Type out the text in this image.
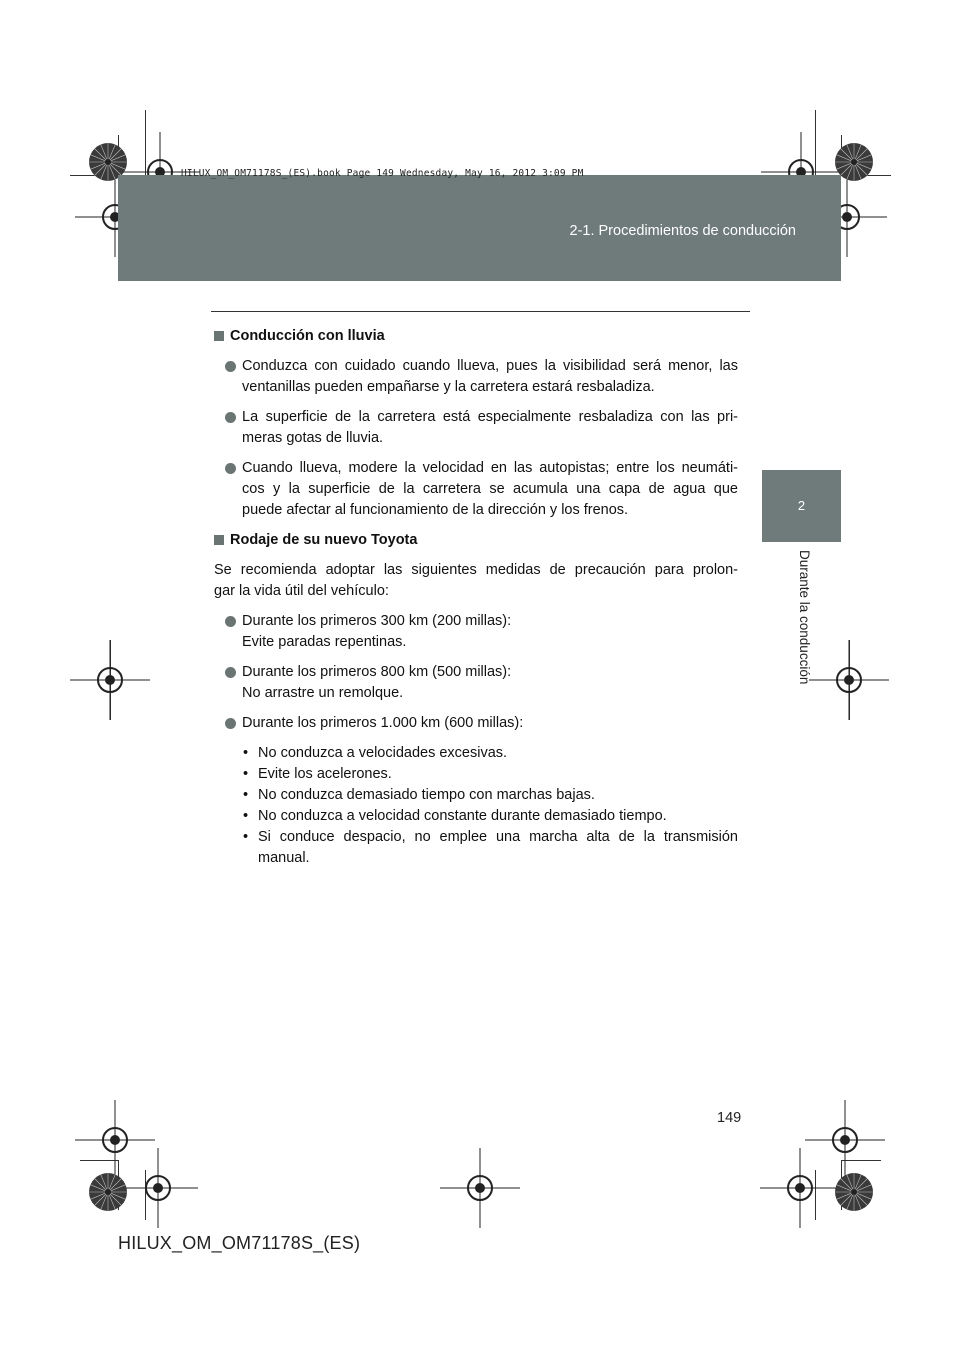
2-1. Procedimientos de conducción
HILUX_OM_OM71178S_(ES).book Page 149 Wednesday, May 16, 2012 3:09 PM
2
Durante la conducción

Conducción con lluvia

Conduzca con cuidado cuando llueva, pues la visibilidad será menor, las
ventanillas pueden empañarse y la carretera estará resbaladiza.
La superficie de la carretera está especialmente resbaladiza con las pri-
meras gotas de lluvia.
Cuando llueva, modere la velocidad en las autopistas; entre los neumáti-
cos y la superficie de la carretera se acumula una capa de agua que
puede afectar al funcionamiento de la dirección y los frenos.

Rodaje de su nuevo Toyota

Se recomienda adoptar las siguientes medidas de precaución para prolon-
gar la vida útil del vehículo:
Durante los primeros 300 km (200 millas):
Evite paradas repentinas.
Durante los primeros 800 km (500 millas):
No arrastre un remolque.
Durante los primeros 1.000 km (600 millas):
• No conduzca a velocidades excesivas.
• Evite los acelerones.
• No conduzca demasiado tiempo con marchas bajas.
• No conduzca a velocidad constante durante demasiado tiempo.
• Si conduce despacio, no emplee una marcha alta de la transmisión
manual.
149
HILUX_OM_OM71178S_(ES)
